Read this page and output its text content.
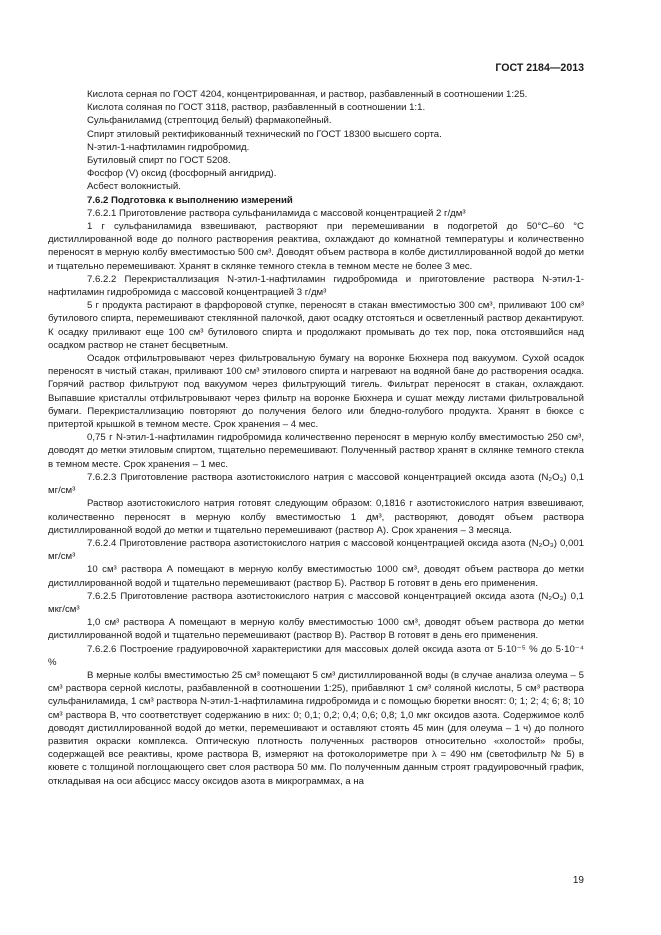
ГОСТ 2184—2013

Кислота серная по ГОСТ 4204, концентрированная, и раствор, разбавленный в соотношении 1:25.

Кислота соляная по ГОСТ 3118, раствор, разбавленный в соотношении 1:1.

Сульфаниламид (стрептоцид белый) фармакопейный.

Спирт этиловый ректификованный технический по ГОСТ 18300 высшего сорта.

N-этил-1-нафтиламин гидробромид.

Бутиловый спирт по ГОСТ 5208.

Фосфор (V) оксид (фосфорный ангидрид).

Асбест волокнистый.

7.6.2 Подготовка к выполнению измерений

7.6.2.1 Приготовление раствора сульфаниламида с массовой концентрацией 2 г/дм³

1 г сульфаниламида взвешивают, растворяют при перемешивании в подогретой до 50°С–60 °С дистиллированной воде до полного растворения реактива, охлаждают до комнатной температуры и количественно переносят в мерную колбу вместимостью 500 см³. Доводят объем раствора в колбе дистиллированной водой до метки и тщательно перемешивают. Хранят в склянке темного стекла в темном месте не более 3 мес.

7.6.2.2 Перекристаллизация N-этил-1-нафтиламин гидробромида и приготовление раствора N-этил-1-нафтиламин гидробромида с массовой концентрацией 3 г/дм³

5 г продукта растирают в фарфоровой ступке, переносят в стакан вместимостью 300 см³, приливают 100 см³ бутилового спирта, перемешивают стеклянной палочкой, дают осадку отстояться и осветленный раствор декантируют. К осадку приливают еще 100 см³ бутилового спирта и продолжают промывать до тех пор, пока отстоявшийся над осадком раствор не станет бесцветным.

Осадок отфильтровывают через фильтровальную бумагу на воронке Бюхнера под вакуумом. Сухой осадок переносят в чистый стакан, приливают 100 см³ этилового спирта и нагревают на водяной бане до растворения осадка. Горячий раствор фильтруют под вакуумом через фильтрующий тигель. Фильтрат переносят в стакан, охлаждают. Выпавшие кристаллы отфильтровывают через фильтр на воронке Бюхнера и сушат между листами фильтровальной бумаги. Перекристаллизацию повторяют до получения белого или бледно-голубого продукта. Хранят в бюксе с притертой крышкой в темном месте. Срок хранения – 4 мес.

0,75 г N-этил-1-нафтиламин гидробромида количественно переносят в мерную колбу вместимостью 250 см³, доводят до метки этиловым спиртом, тщательно перемешивают. Полученный раствор хранят в склянке темного стекла в темном месте. Срок хранения – 1 мес.

7.6.2.3 Приготовление раствора азотистокислого натрия с массовой концентрацией оксида азота (N₂O₃) 0,1 мг/см³

Раствор азотистокислого натрия готовят следующим образом: 0,1816 г азотистокислого натрия взвешивают, количественно переносят в мерную колбу вместимостью 1 дм³, растворяют, доводят объем раствора дистиллированной водой до метки и тщательно перемешивают (раствор А). Срок хранения – 3 месяца.

7.6.2.4 Приготовление раствора азотистокислого натрия с массовой концентрацией оксида азота (N₂O₃) 0,001 мг/см³

10 см³ раствора А помещают в мерную колбу вместимостью 1000 см³, доводят объем раствора до метки дистиллированной водой и тщательно перемешивают (раствор Б). Раствор Б готовят в день его применения.

7.6.2.5 Приготовление раствора азотистокислого натрия с массовой концентрацией оксида азота (N₂O₃) 0,1 мкг/см³

1,0 см³ раствора А помещают в мерную колбу вместимостью 1000 см³, доводят объем раствора до метки дистиллированной водой и тщательно перемешивают (раствор В). Раствор В готовят в день его применения.

7.6.2.6 Построение градуировочной характеристики для массовых долей оксида азота от 5·10⁻⁵ % до 5·10⁻⁴ %

В мерные колбы вместимостью 25 см³ помещают 5 см³ дистиллированной воды (в случае анализа олеума – 5 см³ раствора серной кислоты, разбавленной в соотношении 1:25), прибавляют 1 см³ соляной кислоты, 5 см³ раствора сульфаниламида, 1 см³ раствора N-этил-1-нафтиламина гидробромида и с помощью бюретки вносят: 0; 1; 2; 4; 6; 8; 10 см³ раствора В, что соответствует содержанию в них: 0; 0,1; 0,2; 0,4; 0,6; 0,8; 1,0 мкг оксидов азота. Содержимое колб доводят дистиллированной водой до метки, перемешивают и оставляют стоять 45 мин (для олеума – 1 ч) до полного развития окраски комплекса. Оптическую плотность полученных растворов относительно «холостой» пробы, содержащей все реактивы, кроме раствора В, измеряют на фотоколориметре при λ = 490 нм (светофильтр № 5) в кювете с толщиной поглощающего свет слоя раствора 50 мм. По полученным данным строят градуировочный график, откладывая на оси абсцисс массу оксидов азота в микрограммах, а на

19
